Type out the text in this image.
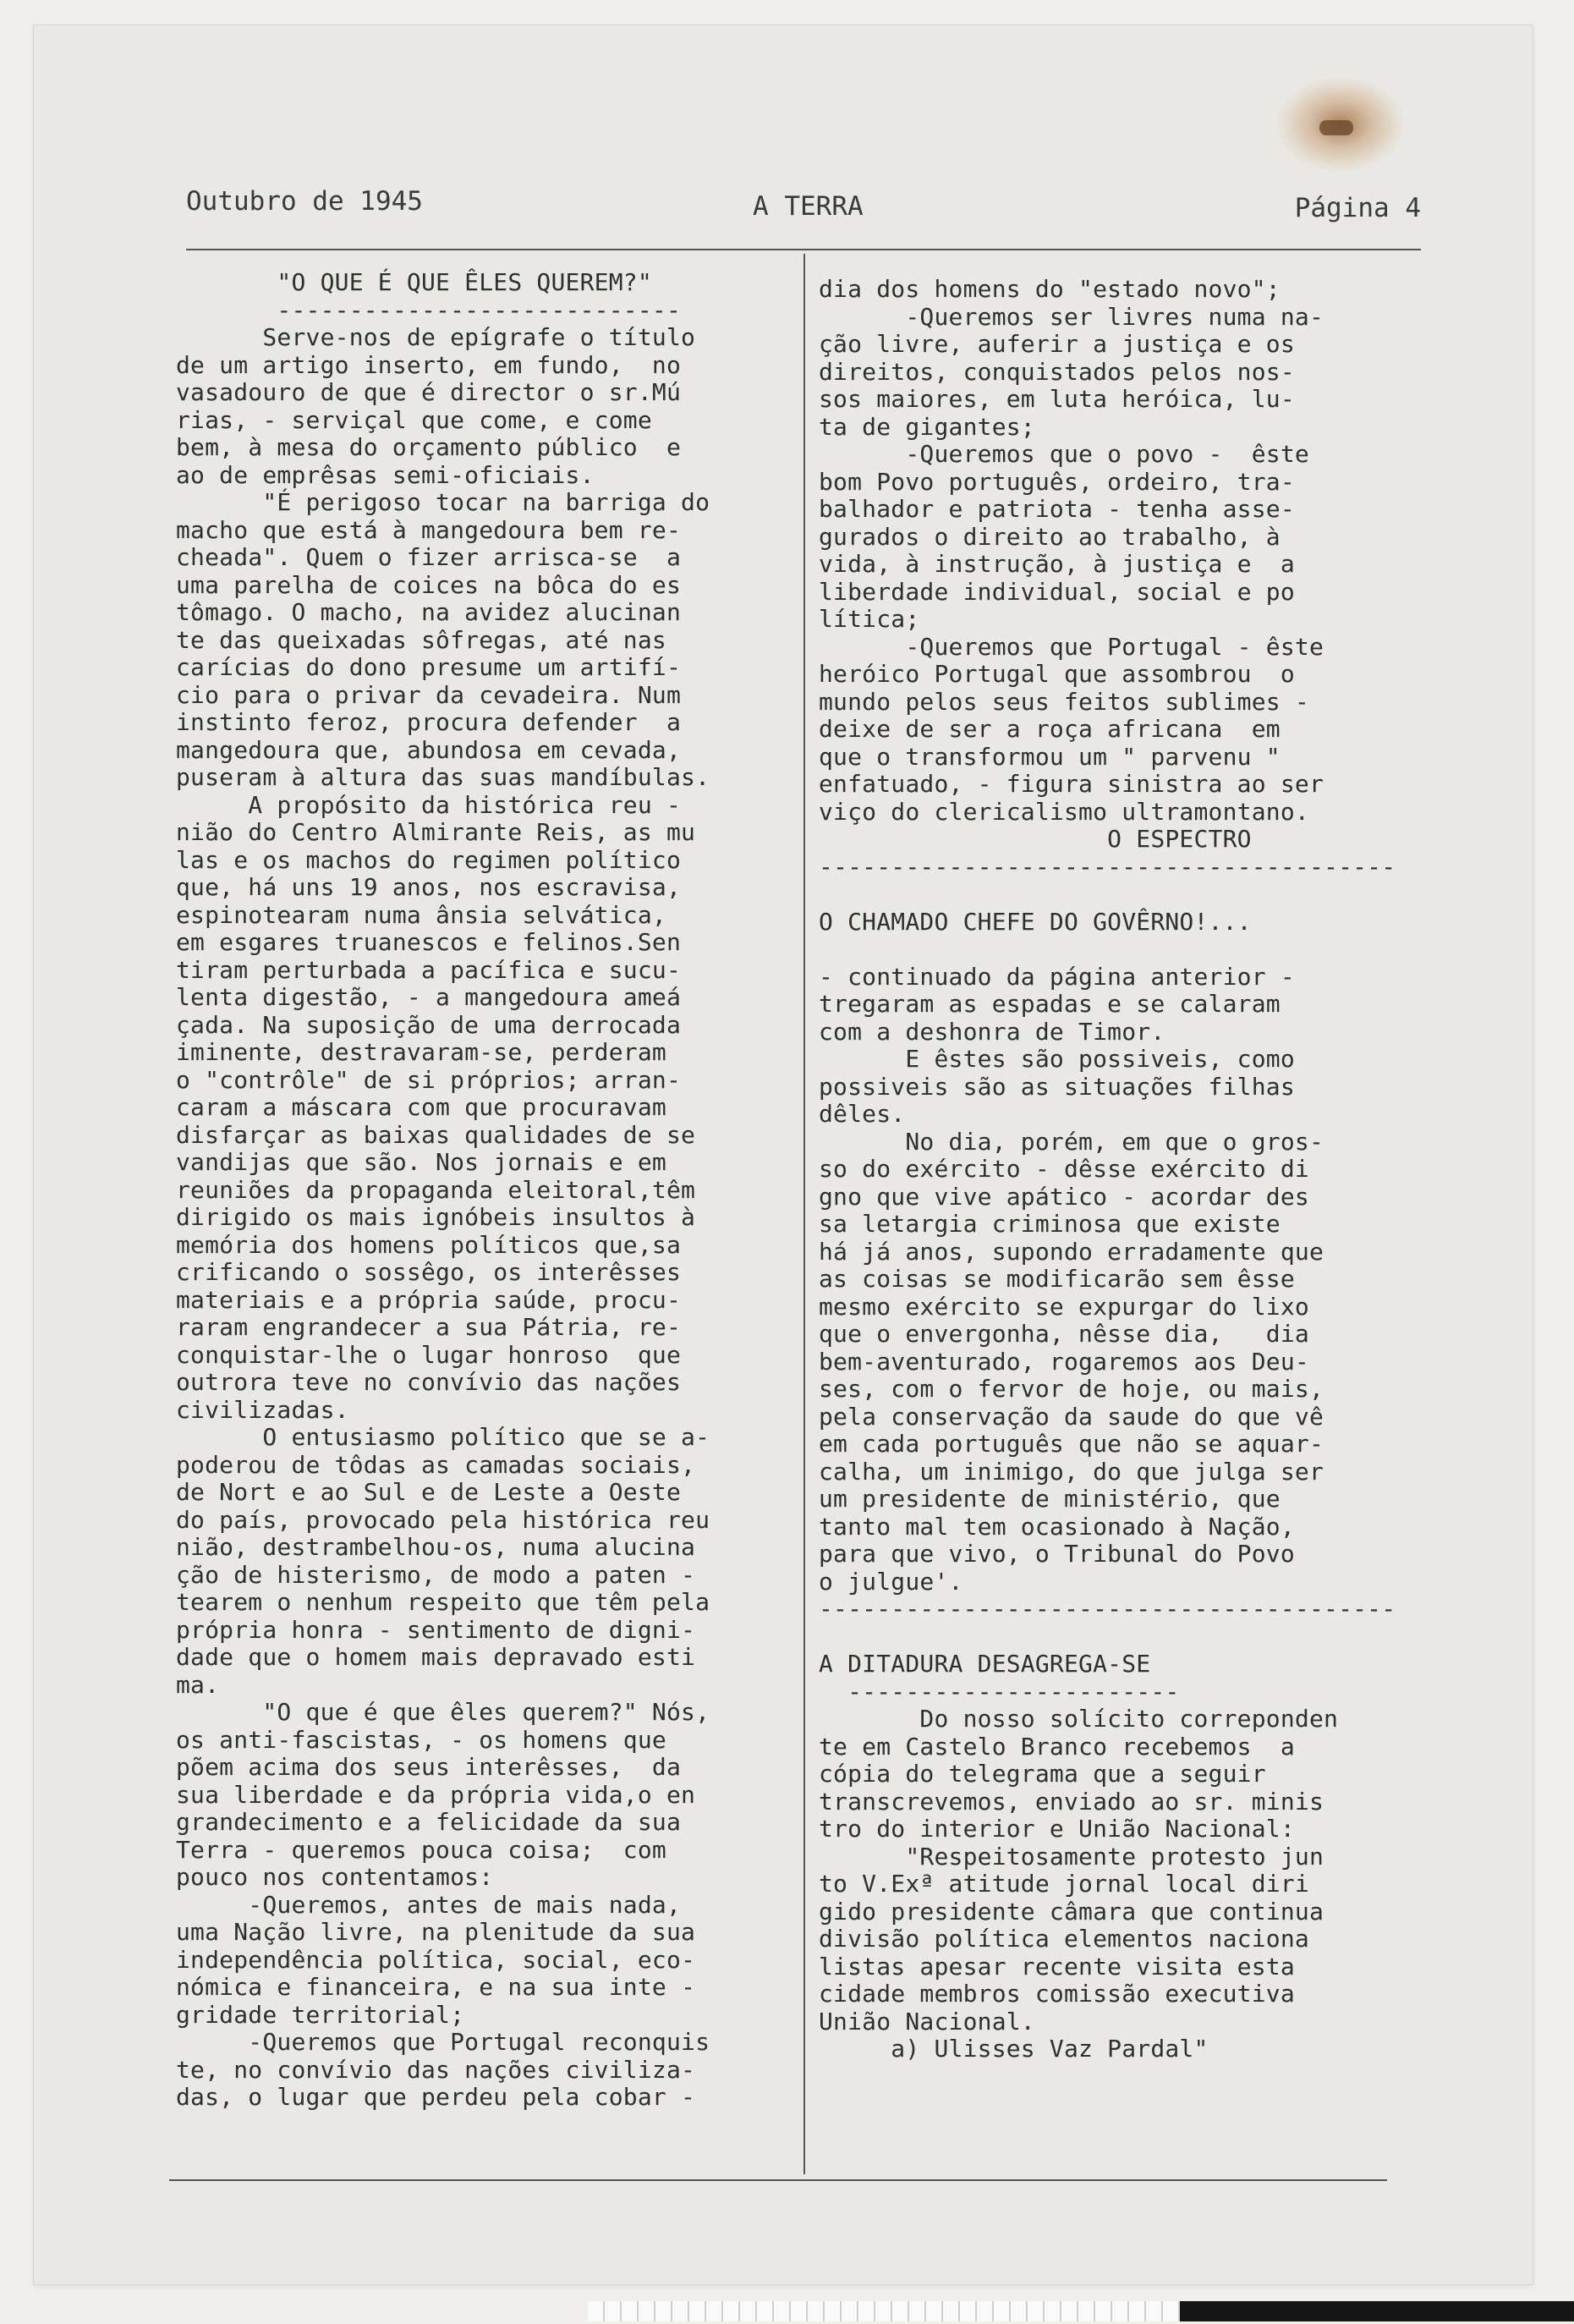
Outubro de 1945	A TERRA	Página 4
"O QUE É QUE ÊLES QUEREM?"
----------------------------
Serve-nos de epígrafe o título
de um artigo inserto, em fundo,  no
vasadouro de que é director o sr.Mú
rias, - serviçal que come, e come
bem, à mesa do orçamento público  e
ao de emprêsas semi-oficiais.
"É perigoso tocar na barriga do
macho que está à mangedoura bem re-
cheada". Quem o fizer arrisca-se  a
uma parelha de coices na bôca do es
tômago. O macho, na avidez alucinan
te das queixadas sôfregas, até nas
carícias do dono presume um artifí-
cio para o privar da cevadeira. Num
instinto feroz, procura defender  a
mangedoura que, abundosa em cevada,
puseram à altura das suas mandíbulas.
A propósito da histórica reu -
nião do Centro Almirante Reis, as mu
las e os machos do regimen político
que, há uns 19 anos, nos escravisa,
espinotearam numa ânsia selvática,
em esgares truanescos e felinos.Sen
tiram perturbada a pacífica e sucu-
lenta digestão, - a mangedoura ameá
çada. Na suposição de uma derrocada
iminente, destravaram-se, perderam
o "contrôle" de si próprios; arran-
caram a máscara com que procuravam
disfarçar as baixas qualidades de se
vandijas que são. Nos jornais e em
reuniões da propaganda eleitoral,têm
dirigido os mais ignóbeis insultos à
memória dos homens políticos que,sa
crificando o sossêgo, os interêsses
materiais e a própria saúde, procu-
raram engrandecer a sua Pátria, re-
conquistar-lhe o lugar honroso  que
outrora teve no convívio das nações
civilizadas.
O entusiasmo político que se a-
poderou de tôdas as camadas sociais,
de Nort e ao Sul e de Leste a Oeste
do país, provocado pela histórica reu
nião, destrambelhou-os, numa alucina
ção de histerismo, de modo a paten -
tearem o nenhum respeito que têm pela
própria honra - sentimento de digni-
dade que o homem mais depravado esti
ma.
"O que é que êles querem?" Nós,
os anti-fascistas, - os homens que
põem acima dos seus interêsses,  da
sua liberdade e da própria vida,o en
grandecimento e a felicidade da sua
Terra - queremos pouca coisa;  com
pouco nos contentamos:
-Queremos, antes de mais nada,
uma Nação livre, na plenitude da sua
independência política, social, eco-
nómica e financeira, e na sua inte -
gridade territorial;
-Queremos que Portugal reconquis
te, no convívio das nações civiliza-
das, o lugar que perdeu pela cobar -
dia dos homens do "estado novo";
-Queremos ser livres numa na-
ção livre, auferir a justiça e os
direitos, conquistados pelos nos-
sos maiores, em luta heróica, lu-
ta de gigantes;
-Queremos que o povo -  êste
bom Povo português, ordeiro, tra-
balhador e patriota - tenha asse-
gurados o direito ao trabalho, à
vida, à instrução, à justiça e  a
liberdade individual, social e po
lítica;
-Queremos que Portugal - êste
heróico Portugal que assombrou  o
mundo pelos seus feitos sublimes -
deixe de ser a roça africana  em
que o transformou um " parvenu "
enfatuado, - figura sinistra ao ser
viço do clericalismo ultramontano.
O ESPECTRO
----------------------------------------
O CHAMADO CHEFE DO GOVÊRNO!...
- continuado da página anterior -
tregaram as espadas e se calaram
com a deshonra de Timor.
E êstes são possiveis, como
possiveis são as situações filhas
dêles.
No dia, porém, em que o gros-
so do exército - dêsse exército di
gno que vive apático - acordar des
sa letargia criminosa que existe
há já anos, supondo erradamente que
as coisas se modificarão sem êsse
mesmo exército se expurgar do lixo
que o envergonha, nêsse dia,   dia
bem-aventurado, rogaremos aos Deu-
ses, com o fervor de hoje, ou mais,
pela conservação da saude do que vê
em cada português que não se aquar-
calha, um inimigo, do que julga ser
um presidente de ministério, que
tanto mal tem ocasionado à Nação,
para que vivo, o Tribunal do Povo
o julgue'.
----------------------------------------
A DITADURA DESAGREGA-SE
-----------------------
Do nosso solícito correponden
te em Castelo Branco recebemos  a
cópia do telegrama que a seguir
transcrevemos, enviado ao sr. minis
tro do interior e União Nacional:
"Respeitosamente protesto jun
to V.Exª atitude jornal local diri
gido presidente câmara que continua
divisão política elementos naciona
listas apesar recente visita esta
cidade membros comissão executiva
União Nacional.
a) Ulisses Vaz Pardal"
